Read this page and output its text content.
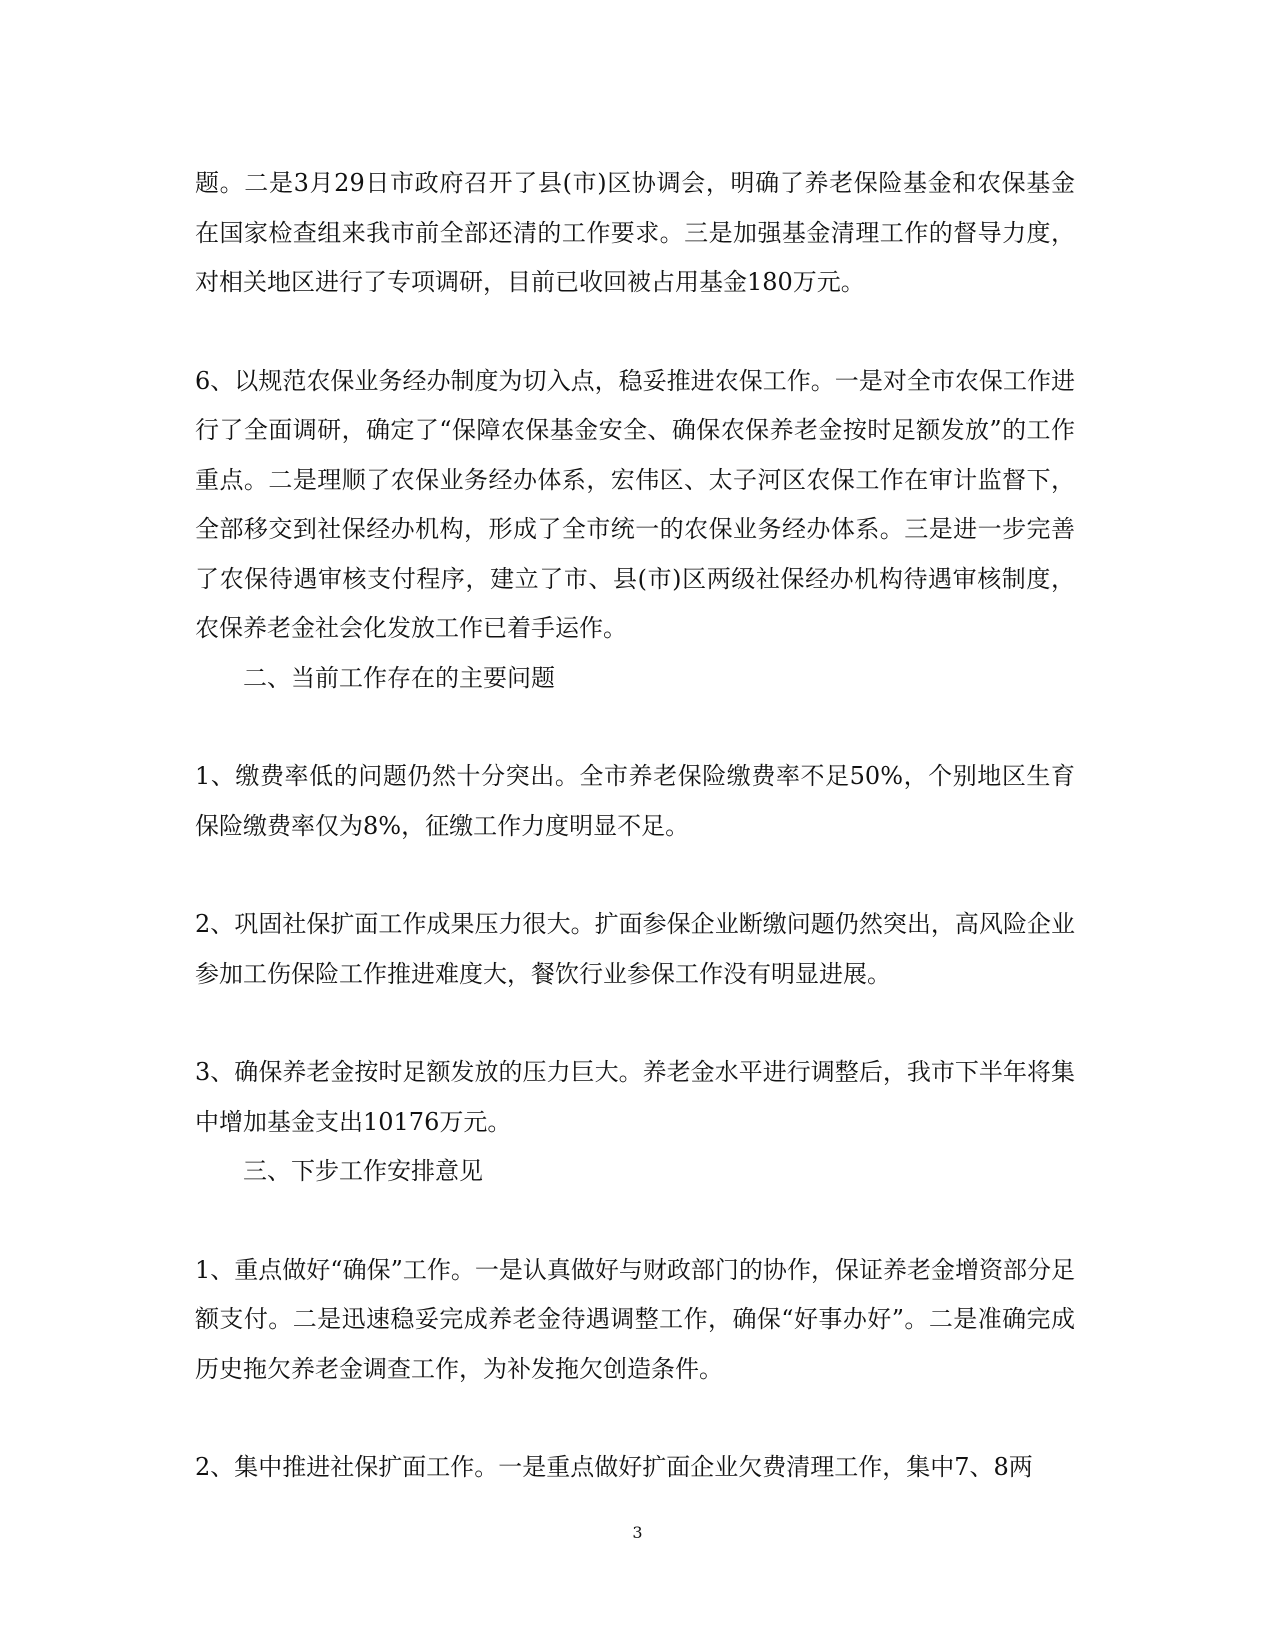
题。二是3月29日市政府召开了县(市)区协调会，明确了养老保险基金和农保基金在国家检查组来我市前全部还清的工作要求。三是加强基金清理工作的督导力度，对相关地区进行了专项调研，目前已收回被占用基金180万元。

6、以规范农保业务经办制度为切入点，稳妥推进农保工作。一是对全市农保工作进行了全面调研，确定了“保障农保基金安全、确保农保养老金按时足额发放”的工作重点。二是理顺了农保业务经办体系，宏伟区、太子河区农保工作在审计监督下，全部移交到社保经办机构，形成了全市统一的农保业务经办体系。三是进一步完善了农保待遇审核支付程序，建立了市、县(市)区两级社保经办机构待遇审核制度，农保养老金社会化发放工作已着手运作。

二、当前工作存在的主要问题

1、缴费率低的问题仍然十分突出。全市养老保险缴费率不足50%，个别地区生育保险缴费率仅为8%，征缴工作力度明显不足。

2、巩固社保扩面工作成果压力很大。扩面参保企业断缴问题仍然突出，高风险企业参加工伤保险工作推进难度大，餐饮行业参保工作没有明显进展。

3、确保养老金按时足额发放的压力巨大。养老金水平进行调整后，我市下半年将集中增加基金支出10176万元。

三、下步工作安排意见

1、重点做好“确保”工作。一是认真做好与财政部门的协作，保证养老金增资部分足额支付。二是迅速稳妥完成养老金待遇调整工作，确保“好事办好”。二是准确完成历史拖欠养老金调查工作，为补发拖欠创造条件。

2、集中推进社保扩面工作。一是重点做好扩面企业欠费清理工作，集中7、8两

3
